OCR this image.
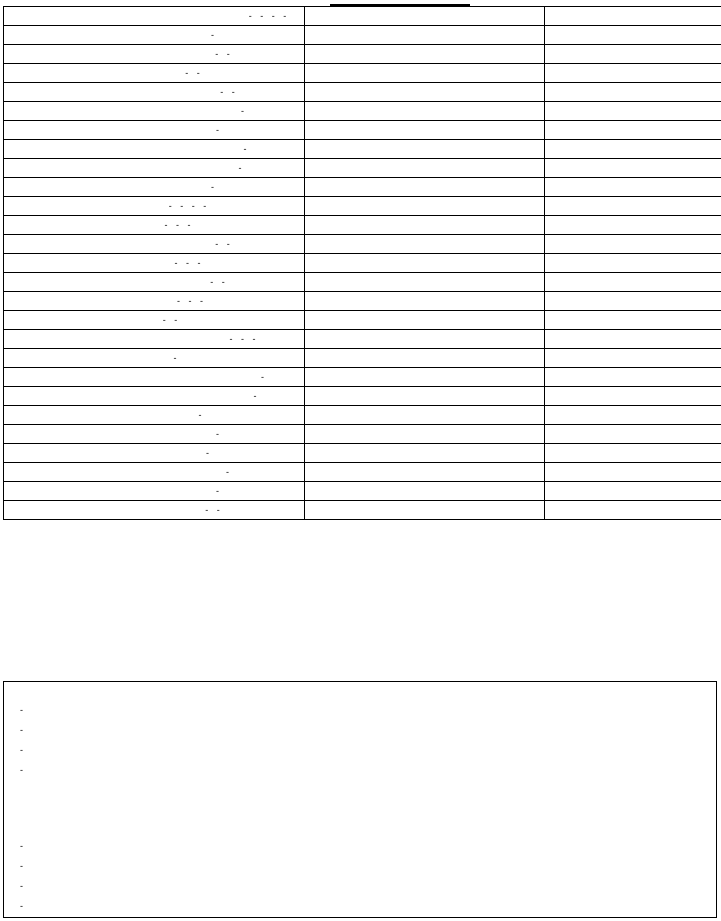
- - - -		
-		
- -		
- -		
- -		
-		
-		
-		
-		
-		
- - - -		
- - -		
- -		
- - -		
- -		
- - -		
- -		
- - -		
-		
-		
-		
-		
-		
-		
-		
-		
- -		
-
-
-
-
-
-
-
-
